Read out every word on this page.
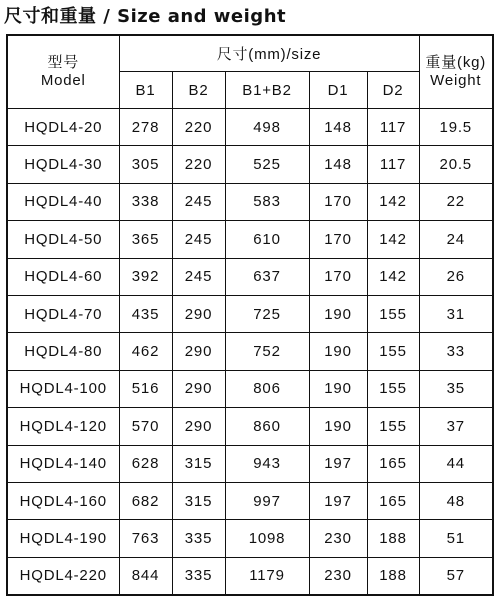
尺寸和重量 / Size and weight
型号
Model	尺寸(mm)/size					重量(kg)
Weight

	B1	B2	B1+B2	D1	D2	
HQDL4-20	278	220	498	148	117	19.5
HQDL4-30	305	220	525	148	117	20.5
HQDL4-40	338	245	583	170	142	22
HQDL4-50	365	245	610	170	142	24
HQDL4-60	392	245	637	170	142	26
HQDL4-70	435	290	725	190	155	31
HQDL4-80	462	290	752	190	155	33
HQDL4-100	516	290	806	190	155	35
HQDL4-120	570	290	860	190	155	37
HQDL4-140	628	315	943	197	165	44
HQDL4-160	682	315	997	197	165	48
HQDL4-190	763	335	1098	230	188	51
HQDL4-220	844	335	1179	230	188	57
